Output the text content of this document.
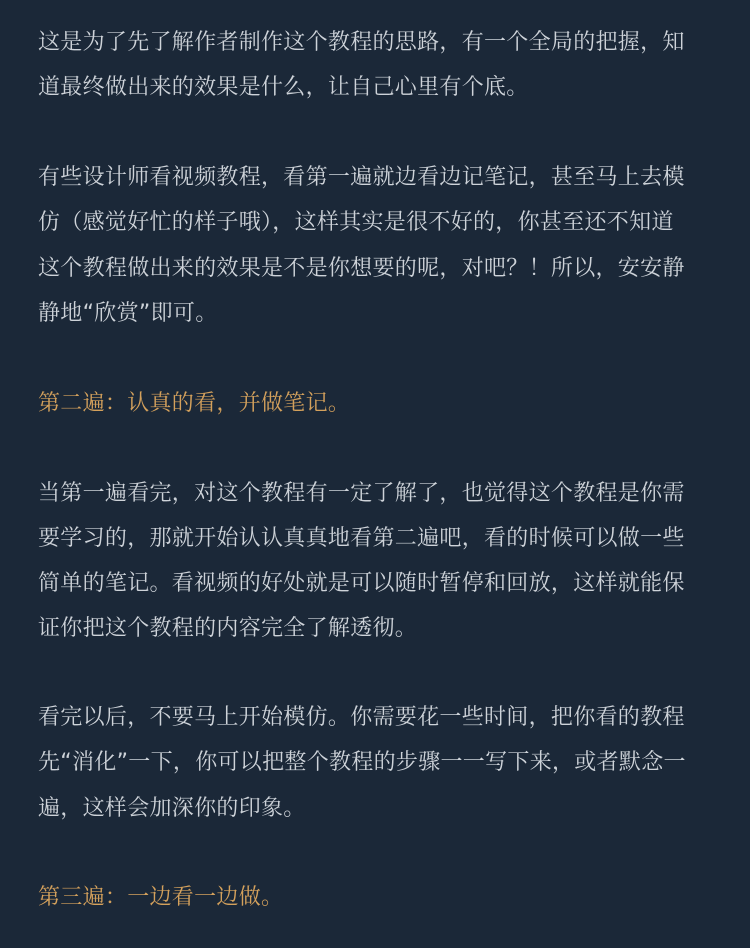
这是为了先了解作者制作这个教程的思路，有一个全局的把握，知
道最终做出来的效果是什么，让自己心里有个底。
有些设计师看视频教程，看第一遍就边看边记笔记，甚至马上去模
仿（感觉好忙的样子哦），这样其实是很不好的，你甚至还不知道
这个教程做出来的效果是不是你想要的呢，对吧？！所以，安安静
静地“欣赏”即可。
第二遍：认真的看，并做笔记。
当第一遍看完，对这个教程有一定了解了，也觉得这个教程是你需
要学习的，那就开始认认真真地看第二遍吧，看的时候可以做一些
简单的笔记。看视频的好处就是可以随时暂停和回放，这样就能保
证你把这个教程的内容完全了解透彻。
看完以后，不要马上开始模仿。你需要花一些时间，把你看的教程
先“消化”一下，你可以把整个教程的步骤一一写下来，或者默念一
遍，这样会加深你的印象。
第三遍：一边看一边做。
